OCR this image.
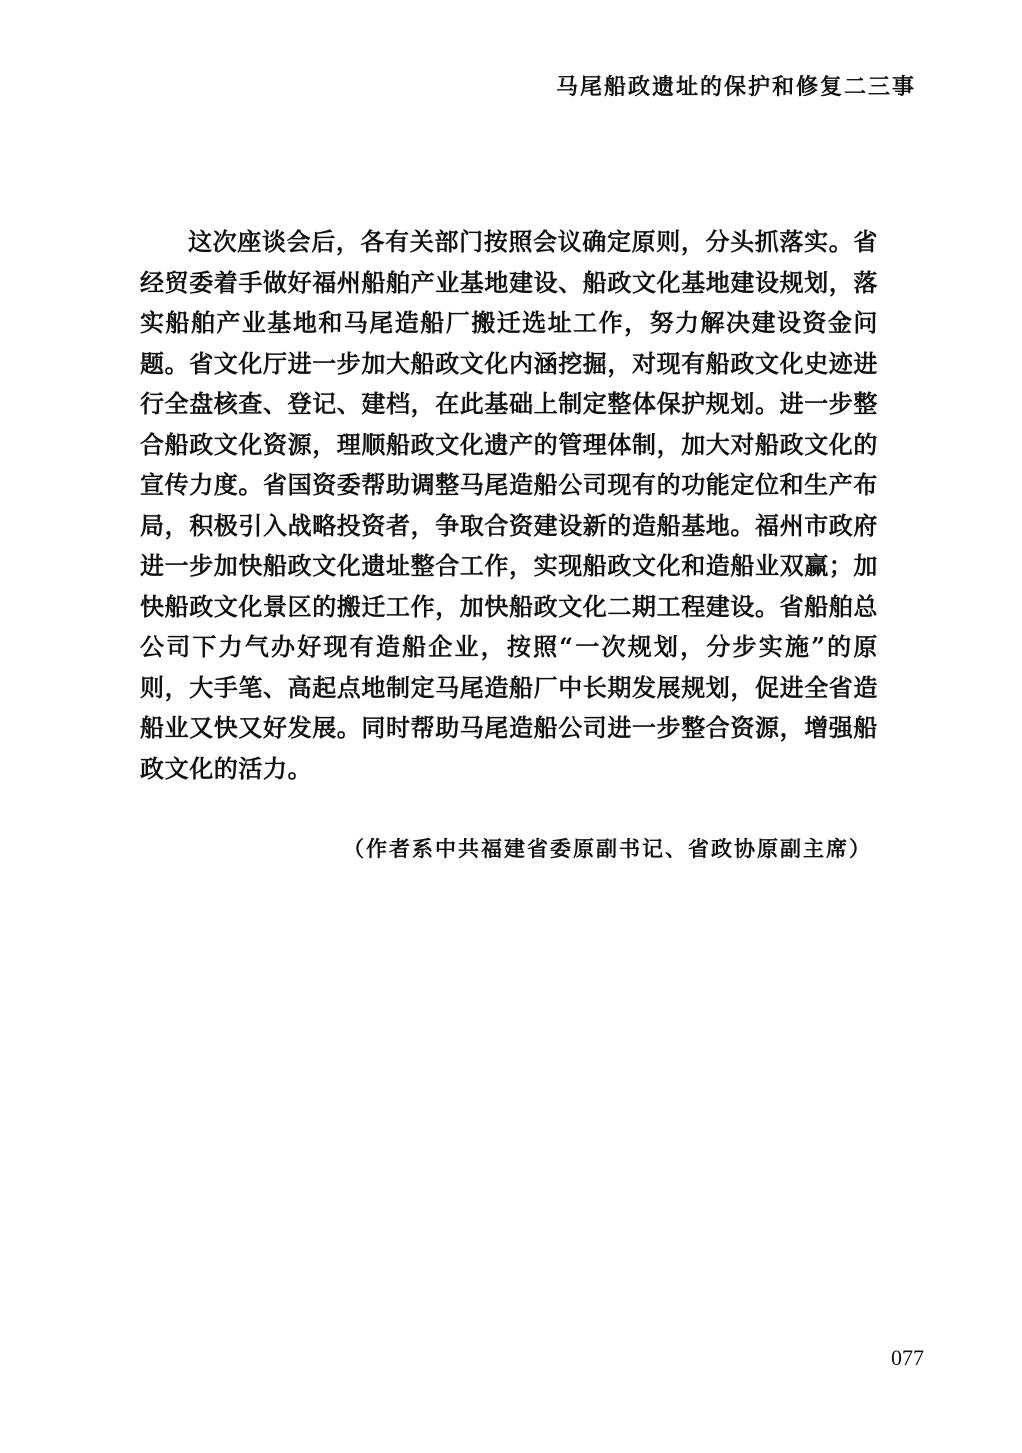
马尾船政遗址的保护和修复二三事
这次座谈会后，各有关部门按照会议确定原则，分头抓落实。省经贸委着手做好福州船舶产业基地建设、船政文化基地建设规划，落实船舶产业基地和马尾造船厂搬迁选址工作，努力解决建设资金问题。省文化厅进一步加大船政文化内涵挖掘，对现有船政文化史迹进行全盘核查、登记、建档，在此基础上制定整体保护规划。进一步整合船政文化资源，理顺船政文化遗产的管理体制，加大对船政文化的宣传力度。省国资委帮助调整马尾造船公司现有的功能定位和生产布局，积极引入战略投资者，争取合资建设新的造船基地。福州市政府进一步加快船政文化遗址整合工作，实现船政文化和造船业双赢；加快船政文化景区的搬迁工作，加快船政文化二期工程建设。省船舶总公司下力气办好现有造船企业，按照“一次规划，分步实施”的原则，大手笔、高起点地制定马尾造船厂中长期发展规划，促进全省造船业又快又好发展。同时帮助马尾造船公司进一步整合资源，增强船政文化的活力。
（作者系中共福建省委原副书记、省政协原副主席）
077
